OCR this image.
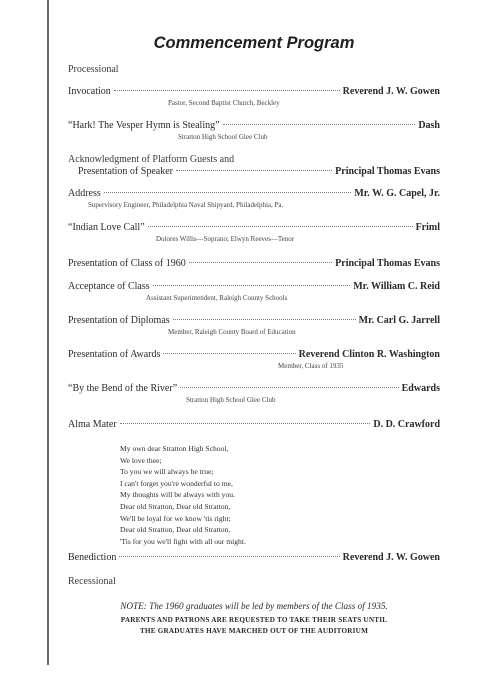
Commencement Program
Processional
Invocation	Reverend J. W. Gowen
Pastor, Second Baptist Church, Beckley
“Hark! The Vesper Hymn is Stealing”	Dash
Stratton High School Glee Club
Acknowledgment of Platform Guests and
Presentation of Speaker	Principal Thomas Evans
Address	Mr. W. G. Capel, Jr.
Supervisory Engineer, Philadelphia Naval Shipyard, Philadelphia, Pa.
“Indian Love Call”	Friml
Dolores Willis—Soprano; Elwyn Reeves—Tenor
Presentation of Class of 1960	Principal Thomas Evans
Acceptance of Class	Mr. William C. Reid
Assistant Superintendent, Raleigh County Schools
Presentation of Diplomas	Mr. Carl G. Jarrell
Member, Raleigh County Board of Education
Presentation of Awards	Reverend Clinton R. Washington
Member, Class of 1935
“By the Bend of the River”	Edwards
Stratton High School Glee Club
Alma Mater	D. D. Crawford
My own dear Stratton High School,
We love thee;
To you we will always be true;
I can't forget you're wonderful to me,
My thoughts will be always with you.
Dear old Stratton, Dear old Stratton,
We'll be loyal for we know 'tis right;
Dear old Stratton, Dear old Stratton,
'Tis for you we'll fight with all our might.
Benediction	Reverend J. W. Gowen
Recessional
NOTE: The 1960 graduates will be led by members of the Class of 1935.
PARENTS AND PATRONS ARE REQUESTED TO TAKE THEIR SEATS UNTIL
THE GRADUATES HAVE MARCHED OUT OF THE AUDITORIUM
